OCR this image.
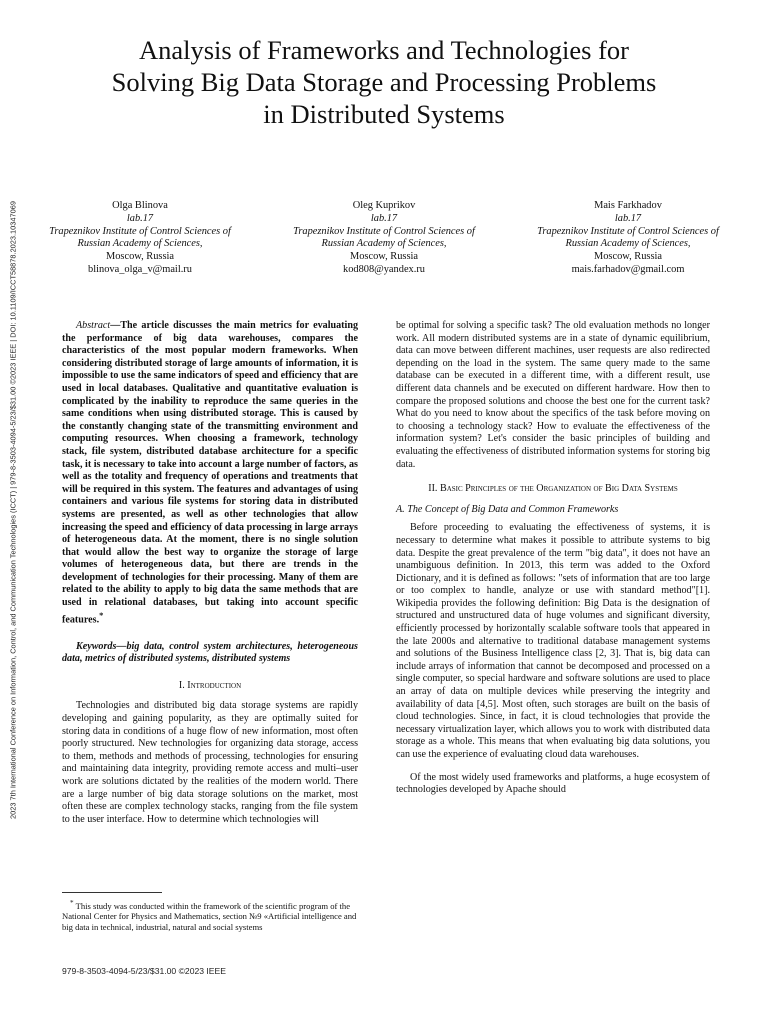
2023 7th International Conference on Information, Control, and Communication Technologies (ICCT) | 979-8-3503-4094-5/23/$31.00 ©2023 IEEE | DOI: 10.1109/ICCT58878.2023.10347069
Analysis of Frameworks and Technologies for
Solving Big Data Storage and Processing Problems
in Distributed Systems
Olga Blinova
lab.17
Trapeznikov Institute of Control Sciences of Russian Academy of Sciences,
Moscow, Russia
blinova_olga_v@mail.ru
Oleg Kuprikov
lab.17
Trapeznikov Institute of Control Sciences of Russian Academy of Sciences,
Moscow, Russia
kod808@yandex.ru
Mais Farkhadov
lab.17
Trapeznikov Institute of Control Sciences of Russian Academy of Sciences,
Moscow, Russia
mais.farhadov@gmail.com

Abstract—The article discusses the main metrics for evaluating the performance of big data warehouses, compares the characteristics of the most popular modern frameworks. When considering distributed storage of large amounts of information, it is impossible to use the same indicators of speed and efficiency that are used in local databases. Qualitative and quantitative evaluation is complicated by the inability to reproduce the same queries in the same conditions when using distributed storage. This is caused by the constantly changing state of the transmitting environment and computing resources. When choosing a framework, technology stack, file system, distributed database architecture for a specific task, it is necessary to take into account a large number of factors, as well as the totality and frequency of operations and treatments that will be required in this system. The features and advantages of using containers and various file systems for storing data in distributed systems are presented, as well as other technologies that allow increasing the speed and efficiency of data processing in large arrays of heterogeneous data. At the moment, there is no single solution that would allow the best way to organize the storage of large volumes of heterogeneous data, but there are trends in the development of technologies for their processing. Many of them are related to the ability to apply to big data the same methods that are used in relational databases, but taking into account specific features.*

Keywords—big data, control system architectures, heterogeneous data, metrics of distributed systems, distributed systems

I. Introduction

Technologies and distributed big data storage systems are rapidly developing and gaining popularity, as they are optimally suited for storing data in conditions of a huge flow of new information, most often poorly structured. New technologies for organizing data storage, access to them, methods and methods of processing, technologies for ensuring and maintaining data integrity, providing remote access and multi–user work are solutions dictated by the realities of the modern world. There are a large number of big data storage solutions on the market, most often these are complex technology stacks, ranging from the file system to the user interface. How to determine which technologies will

be optimal for solving a specific task? The old evaluation methods no longer work. All modern distributed systems are in a state of dynamic equilibrium, data can move between different machines, user requests are also redirected depending on the load in the system. The same query made to the same database can be executed in a different time, with a different result, use different data channels and be executed on different hardware. How then to compare the proposed solutions and choose the best one for the current task? What do you need to know about the specifics of the task before moving on to choosing a technology stack? How to evaluate the effectiveness of the information system? Let's consider the basic principles of building and evaluating the effectiveness of distributed information systems for storing big data.

II. Basic Principles of the Organization of Big Data Systems

A. The Concept of Big Data and Common Frameworks

Before proceeding to evaluating the effectiveness of systems, it is necessary to determine what makes it possible to attribute systems to big data. Despite the great prevalence of the term "big data", it does not have an unambiguous definition. In 2013, this term was added to the Oxford Dictionary, and it is defined as follows: "sets of information that are too large or too complex to handle, analyze or use with standard method"[1]. Wikipedia provides the following definition: Big Data is the designation of structured and unstructured data of huge volumes and significant diversity, efficiently processed by horizontally scalable software tools that appeared in the late 2000s and alternative to traditional database management systems and solutions of the Business Intelligence class [2, 3]. That is, big data can include arrays of information that cannot be decomposed and processed on a single computer, so special hardware and software solutions are used to place an array of data on multiple devices while preserving the integrity and availability of data [4,5]. Most often, such storages are built on the basis of cloud technologies. Since, in fact, it is cloud technologies that provide the necessary virtualization layer, which allows you to work with distributed data storage as a whole. This means that when evaluating big data solutions, you can use the experience of evaluating cloud data warehouses.

Of the most widely used frameworks and platforms, a huge ecosystem of technologies developed by Apache should

* This study was conducted within the framework of the scientific program of the National Center for Physics and Mathematics, section №9 «Artificial intelligence and big data in technical, industrial, natural and social systems
979-8-3503-4094-5/23/$31.00 ©2023 IEEE
